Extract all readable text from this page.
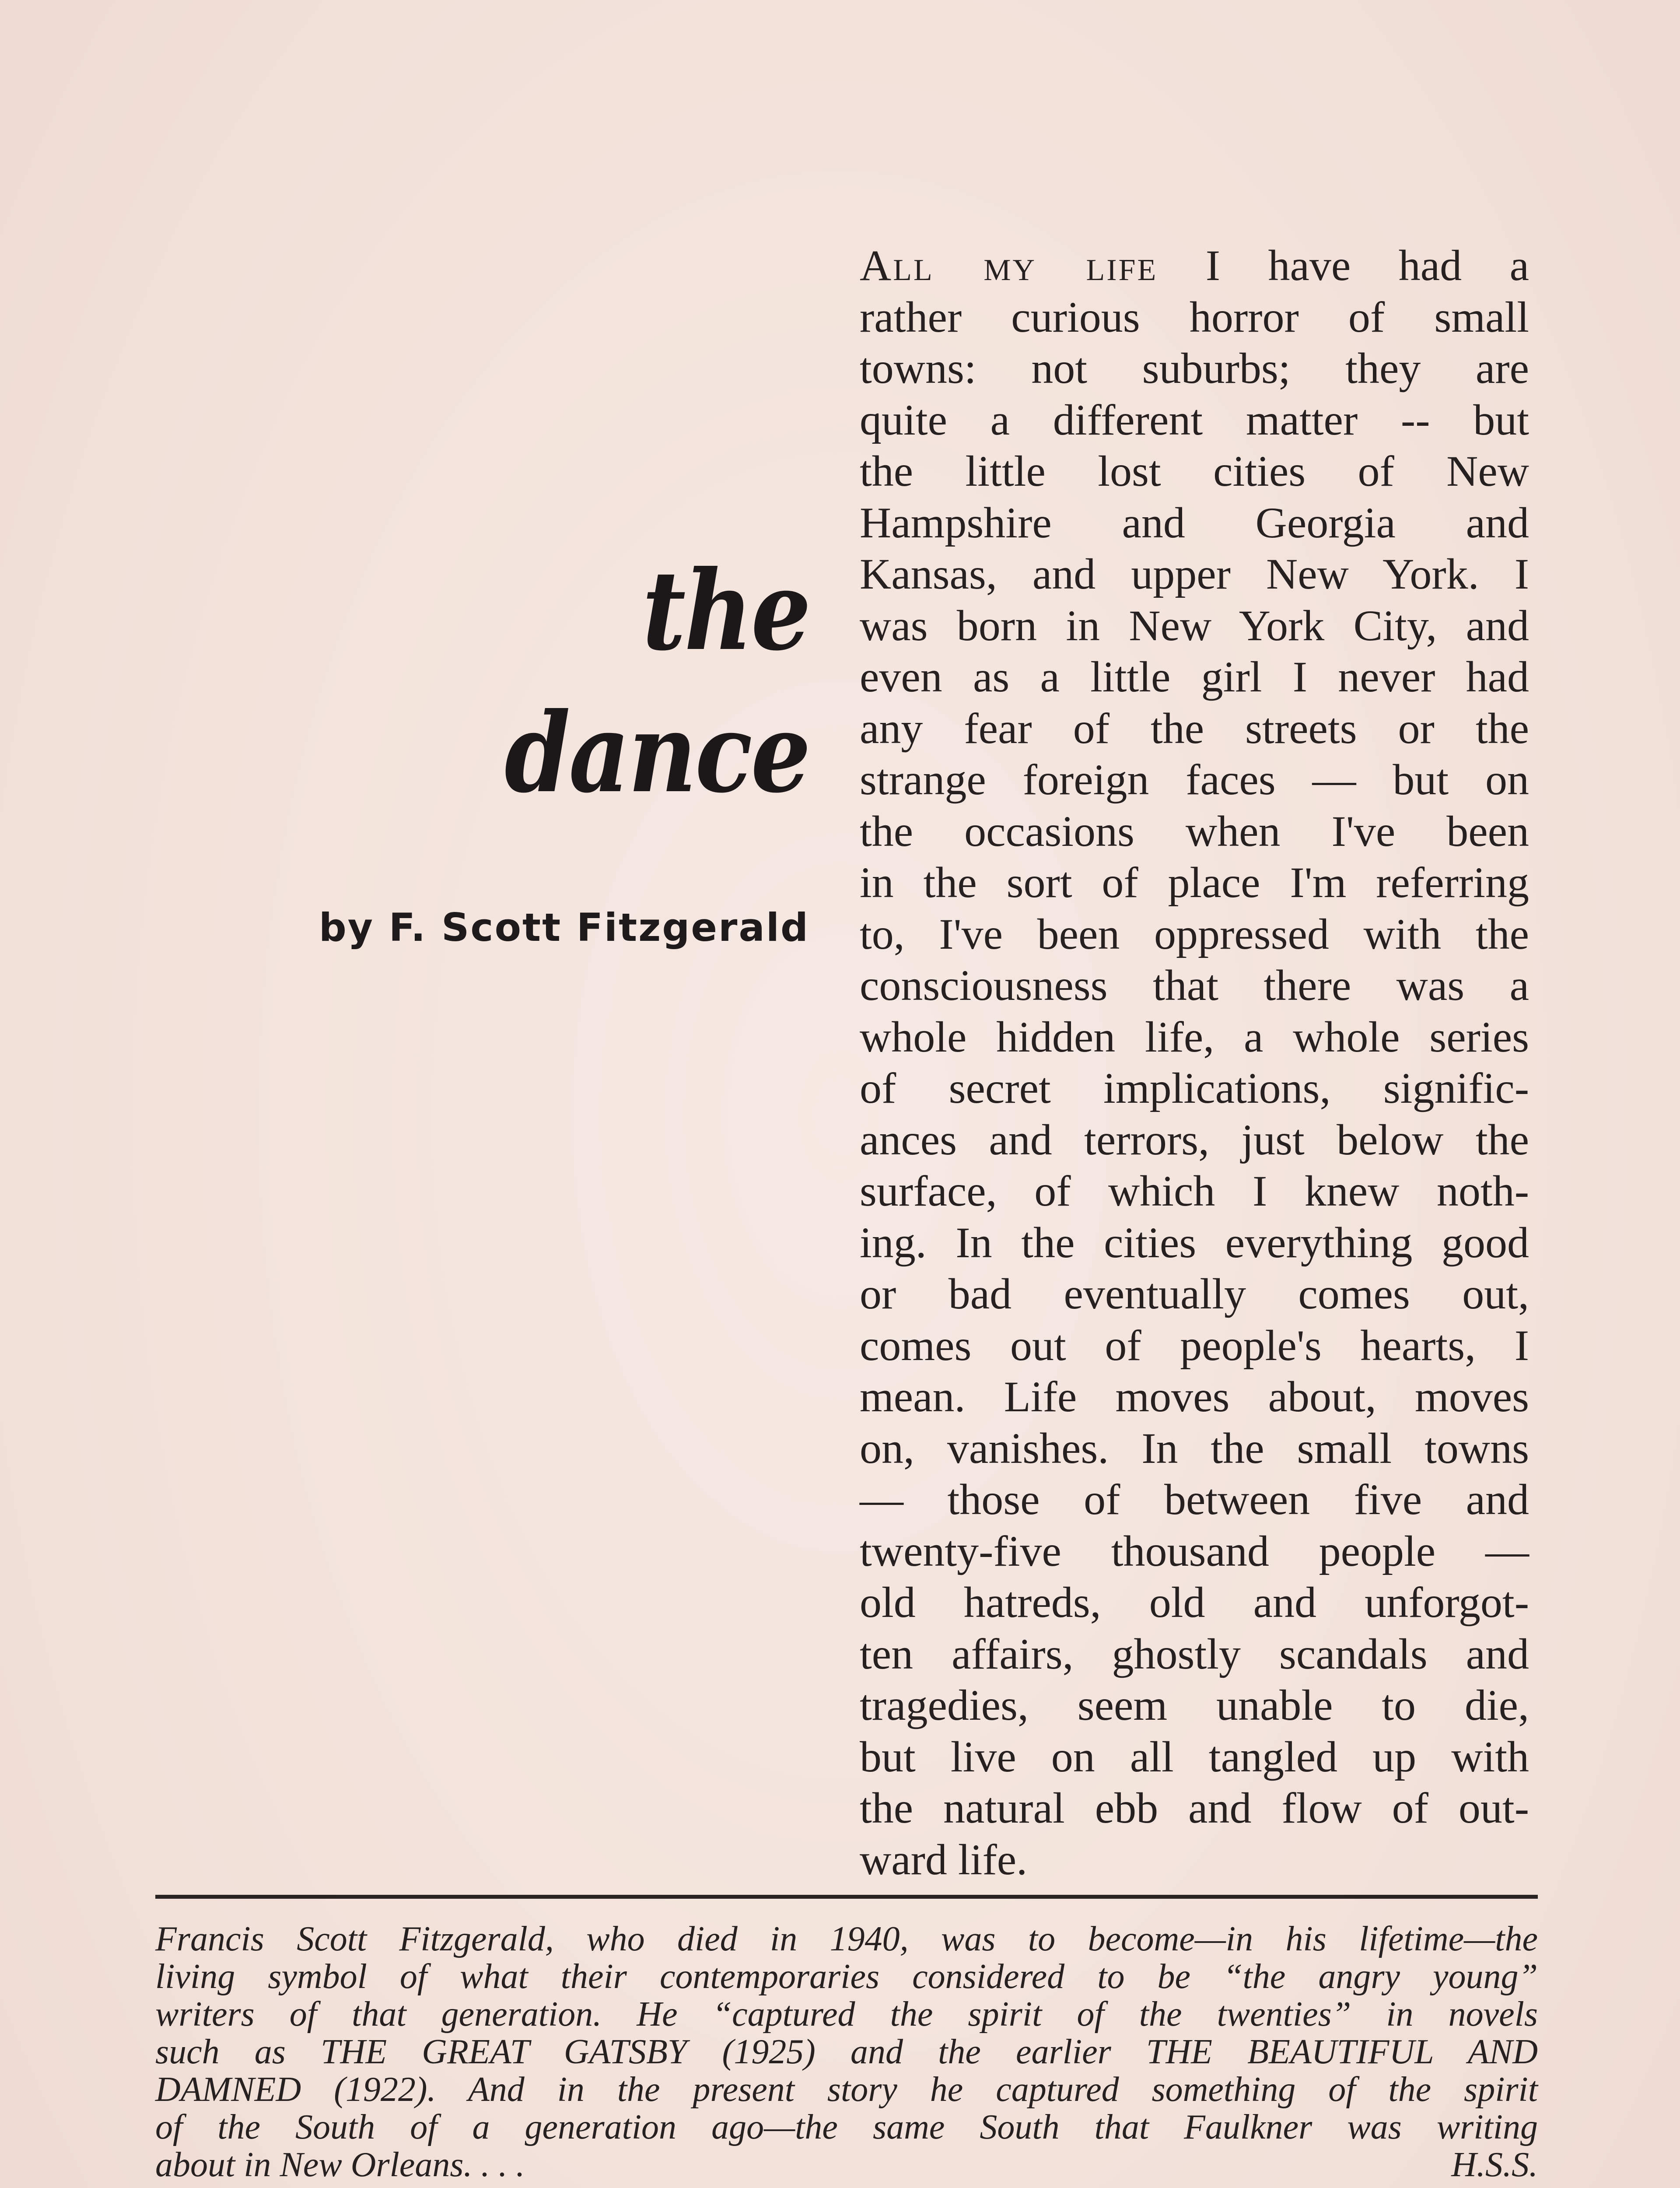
the
dance
by F. Scott Fitzgerald
All my life I have had a
rather curious horror of small
towns: not suburbs; they are
quite a different matter -- but
the little lost cities of New
Hampshire and Georgia and
Kansas, and upper New York. I
was born in New York City, and
even as a little girl I never had
any fear of the streets or the
strange foreign faces — but on
the occasions when I've been
in the sort of place I'm referring
to, I've been oppressed with the
consciousness that there was a
whole hidden life, a whole series
of secret implications, signific-
ances and terrors, just below the
surface, of which I knew noth-
ing. In the cities everything good
or bad eventually comes out,
comes out of people's hearts, I
mean. Life moves about, moves
on, vanishes. In the small towns
— those of between five and
twenty-five thousand people —
old hatreds, old and unforgot-
ten affairs, ghostly scandals and
tragedies, seem unable to die,
but live on all tangled up with
the natural ebb and flow of out-
ward life.
Francis Scott Fitzgerald, who died in 1940, was to become—in his lifetime—the
living symbol of what their contemporaries considered to be “the angry young”
writers of that generation. He “captured the spirit of the twenties” in novels
such as THE GREAT GATSBY (1925) and the earlier THE BEAUTIFUL AND
DAMNED (1922). And in the present story he captured something of the spirit
of the South of a generation ago—the same South that Faulkner was writing
about in New Orleans. . . .	H.S.S.
